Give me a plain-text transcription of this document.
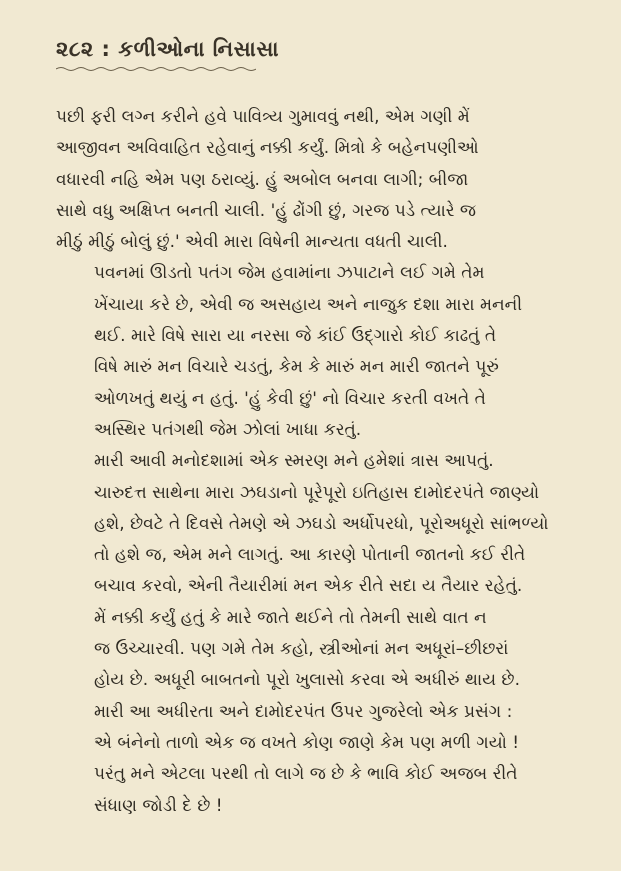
૨૮૨ : કળીઓના નિસાસા
પછી ફરી લગ્ન કરીને હવે પાવિત્ર્ય ગુમાવવું નથી, એમ ગણી મેં
આજીવન અવિવાહિત રહેવાનું નક્કી કર્યું. મિત્રો કે બહેનપણીઓ
વધારવી નહિ એમ પણ ઠરાવ્યું. હું અબોલ બનવા લાગી; બીજા
સાથે વધુ અક્ષિપ્ત બનતી ચાલી. 'હું ઢોંગી છું, ગરજ પડે ત્યારે જ
મીઠું મીઠું બોલું છું.' એવી મારા વિષેની માન્યતા વધતી ચાલી.
પવનમાં ઊડતો પતંગ જેમ હવામાંના ઝપાટાને લઈ ગમે તેમ
ખેંચાયા કરે છે, એવી જ અસહાય અને નાજુક દશા મારા મનની
થઈ. મારે વિષે સારા યા નરસા જે કાંઈ ઉદ્ગારો કોઈ કાઢતું તે
વિષે મારું મન વિચારે ચડતું, કેમ કે મારું મન મારી જાતને પૂરું
ઓળખતું થયું ન હતું. 'હું કેવી છું' નો વિચાર કરતી વખતે તે
અસ્થિર પતંગથી જેમ ઝોલાં ખાધા કરતું.
મારી આવી મનોદશામાં એક સ્મરણ મને હમેશાં ત્રાસ આપતું.
ચારુદત્ત સાથેના મારા ઝઘડાનો પૂરેપૂરો ઇતિહાસ દામોદરપંતે જાણ્યો
હશે, છેવટે તે દિવસે તેમણે એ ઝઘડો અર્ધોપરધો, પૂરોઅધૂરો સાંભળ્યો
તો હશે જ, એમ મને લાગતું. આ કારણે પોતાની જાતનો કઈ રીતે
બચાવ કરવો, એની તૈયારીમાં મન એક રીતે સદા ય તૈયાર રહેતું.
મેં નક્કી કર્યું હતું કે મારે જાતે થઈને તો તેમની સાથે વાત ન
જ ઉચ્ચારવી. પણ ગમે તેમ કહો, સ્ત્રીઓનાં મન અધૂરાં–છીછરાં
હોય છે. અધૂરી બાબતનો પૂરો ખુલાસો કરવા એ અધીરું થાય છે.
મારી આ અધીરતા અને દામોદરપંત ઉપર ગુજરેલો એક પ્રસંગ :
એ બંનેનો તાળો એક જ વખતે કોણ જાણે કેમ પણ મળી ગયો !
પરંતુ મને એટલા પરથી તો લાગે જ છે કે ભાવિ કોઈ અજબ રીતે
સંધાણ જોડી દે છે !
